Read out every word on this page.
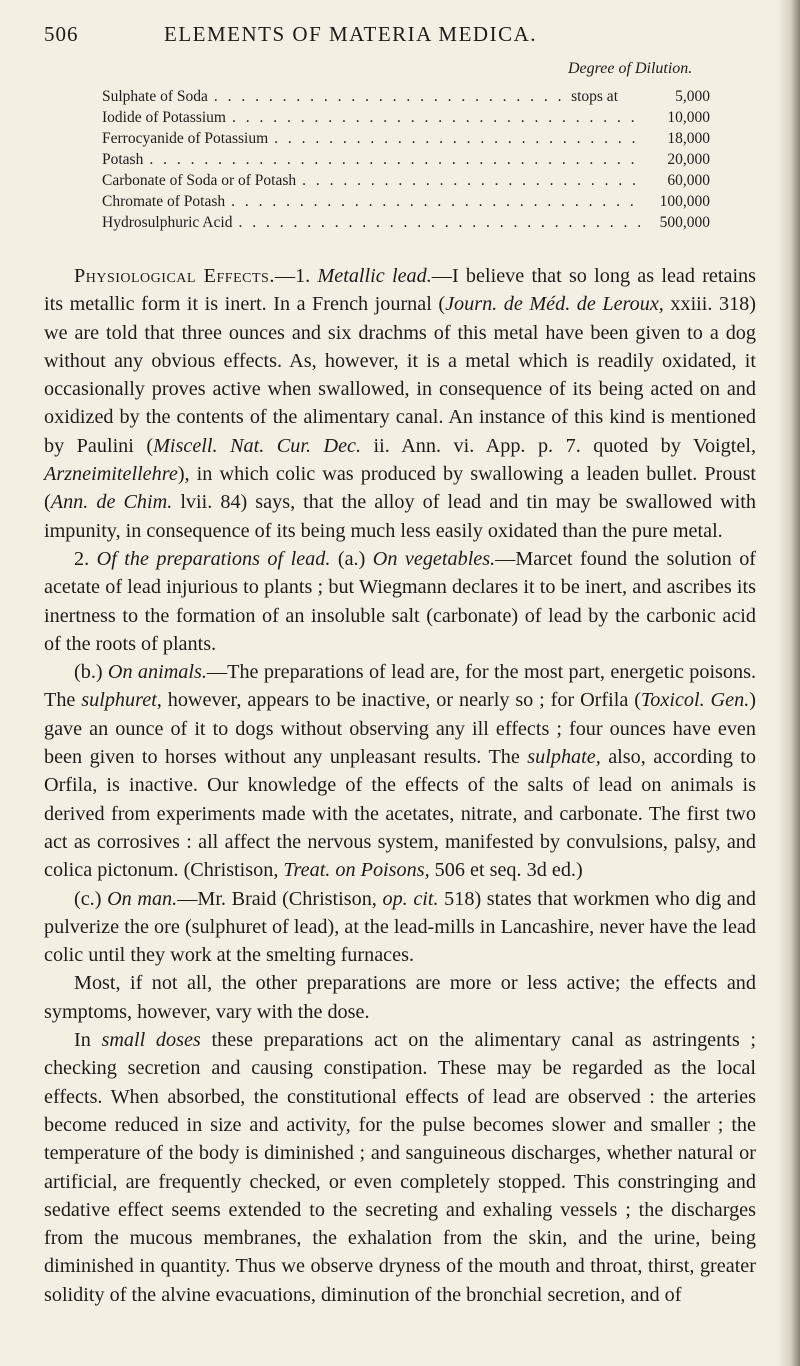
506	ELEMENTS OF MATERIA MEDICA.
Degree of Dilution.
Sulphate of Soda . . .	stops at	5,000
Iodide of Potassium . . .	10,000
Ferrocyanide of Potassium . . .	18,000
Potash . . .	20,000
Carbonate of Soda or of Potash . . .	60,000
Chromate of Potash . . .	100,000
Hydrosulphuric Acid . . .	500,000

Physiological Effects.—1. Metallic lead.—I believe that so long as lead retains its metallic form it is inert. In a French journal (Journ. de Méd. de Leroux, xxiii. 318) we are told that three ounces and six drachms of this metal have been given to a dog without any obvious effects. As, however, it is a metal which is readily oxidated, it occasionally proves active when swallowed, in consequence of its being acted on and oxidized by the contents of the alimentary canal. An instance of this kind is mentioned by Paulini (Miscell. Nat. Cur. Dec. ii. Ann. vi. App. p. 7. quoted by Voigtel, Arzneimitellehre), in which colic was produced by swallowing a leaden bullet. Proust (Ann. de Chim. lvii. 84) says, that the alloy of lead and tin may be swallowed with impunity, in consequence of its being much less easily oxidated than the pure metal.

2. Of the preparations of lead. (a.) On vegetables.—Marcet found the solution of acetate of lead injurious to plants ; but Wiegmann declares it to be inert, and ascribes its inertness to the formation of an insoluble salt (carbonate) of lead by the carbonic acid of the roots of plants.

(b.) On animals.—The preparations of lead are, for the most part, energetic poisons. The sulphuret, however, appears to be inactive, or nearly so ; for Orfila (Toxicol. Gen.) gave an ounce of it to dogs without observing any ill effects ; four ounces have even been given to horses without any unpleasant results. The sulphate, also, according to Orfila, is inactive. Our knowledge of the effects of the salts of lead on animals is derived from experiments made with the acetates, nitrate, and carbonate. The first two act as corrosives : all affect the nervous system, manifested by convulsions, palsy, and colica pictonum. (Christison, Treat. on Poisons, 506 et seq. 3d ed.)

(c.) On man.—Mr. Braid (Christison, op. cit. 518) states that workmen who dig and pulverize the ore (sulphuret of lead), at the lead-mills in Lancashire, never have the lead colic until they work at the smelting furnaces.

Most, if not all, the other preparations are more or less active; the effects and symptoms, however, vary with the dose.

In small doses these preparations act on the alimentary canal as astringents ; checking secretion and causing constipation. These may be regarded as the local effects. When absorbed, the constitutional effects of lead are observed : the arteries become reduced in size and activity, for the pulse becomes slower and smaller ; the temperature of the body is diminished ; and sanguineous discharges, whether natural or artificial, are frequently checked, or even completely stopped. This constringing and sedative effect seems extended to the secreting and exhaling vessels ; the discharges from the mucous membranes, the exhalation from the skin, and the urine, being diminished in quantity. Thus we observe dryness of the mouth and throat, thirst, greater solidity of the alvine evacuations, diminution of the bronchial secretion, and of
